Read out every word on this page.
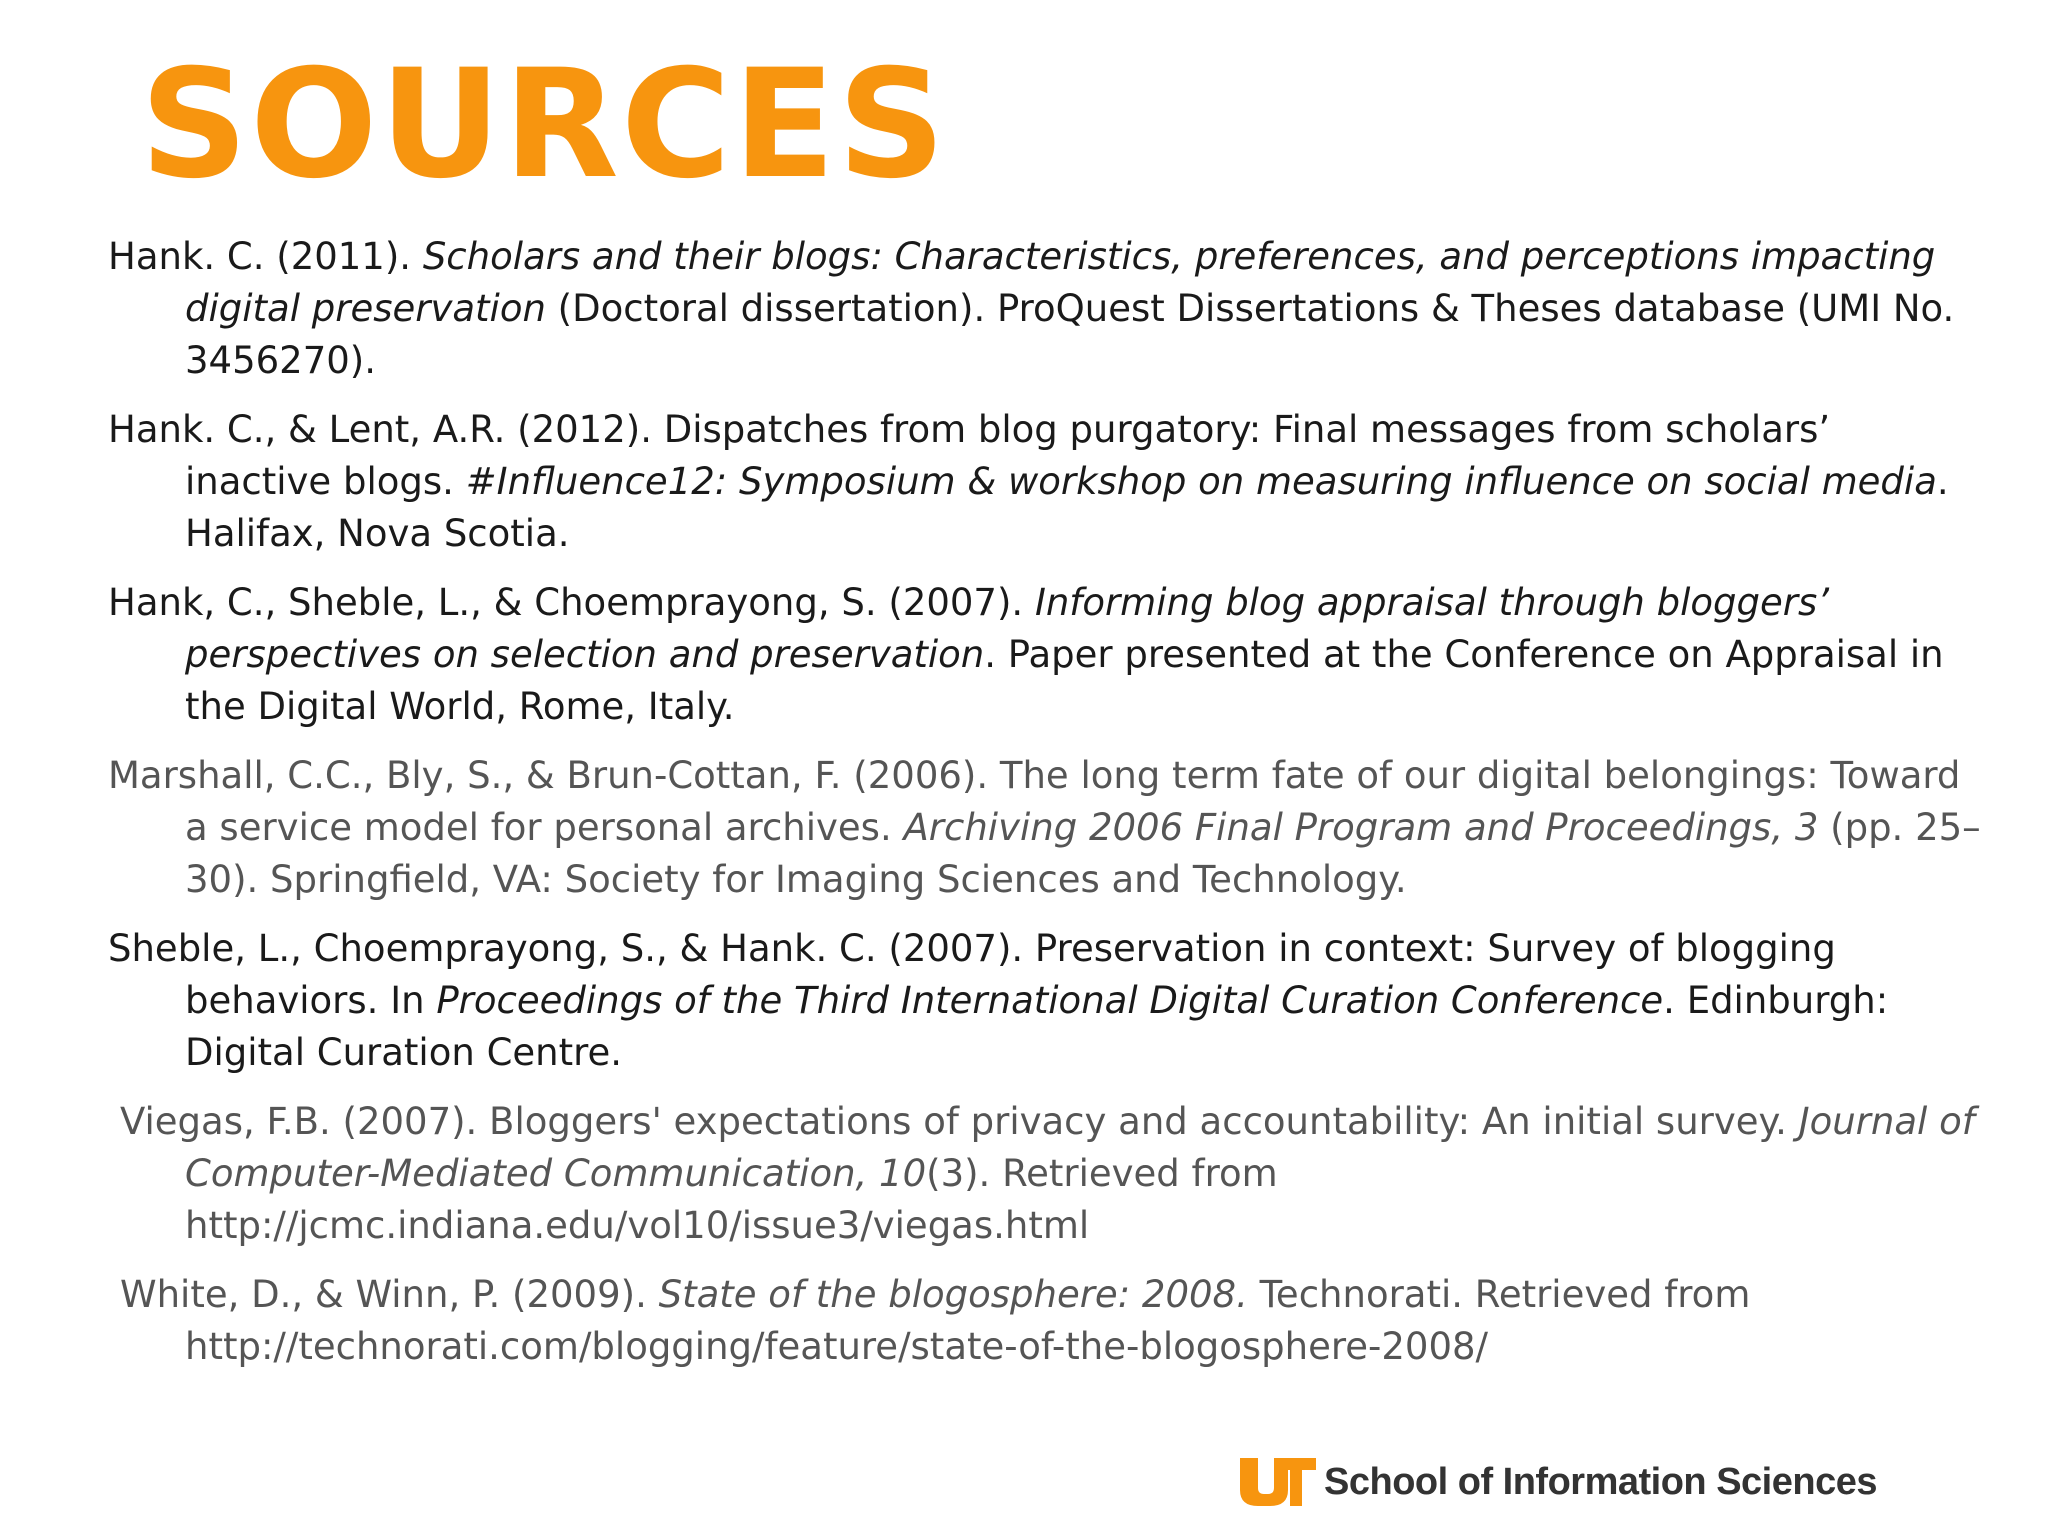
SOURCES
Hank. C. (2011). Scholars and their blogs: Characteristics, preferences, and perceptions impacting digital preservation (Doctoral dissertation). ProQuest Dissertations & Theses database (UMI No. 3456270).
Hank. C., & Lent, A.R. (2012). Dispatches from blog purgatory: Final messages from scholars’ inactive blogs. #Influence12: Symposium & workshop on measuring influence on social media. Halifax, Nova Scotia.
Hank, C., Sheble, L., & Choemprayong, S. (2007). Informing blog appraisal through bloggers’ perspectives on selection and preservation. Paper presented at the Conference on Appraisal in the Digital World, Rome, Italy.
Marshall, C.C., Bly, S., & Brun-Cottan, F. (2006). The long term fate of our digital belongings: Toward a service model for personal archives. Archiving 2006 Final Program and Proceedings, 3 (pp. 25–30). Springfield, VA: Society for Imaging Sciences and Technology.
Sheble, L., Choemprayong, S., & Hank. C. (2007). Preservation in context: Survey of blogging behaviors. In Proceedings of the Third International Digital Curation Conference. Edinburgh: Digital Curation Centre.
Viegas, F.B. (2007). Bloggers' expectations of privacy and accountability: An initial survey. Journal of Computer-Mediated Communication, 10(3). Retrieved from http://jcmc.indiana.edu/vol10/issue3/viegas.html
White, D., & Winn, P. (2009). State of the blogosphere: 2008. Technorati. Retrieved from http://technorati.com/blogging/feature/state-of-the-blogosphere-2008/
School of Information Sciences
